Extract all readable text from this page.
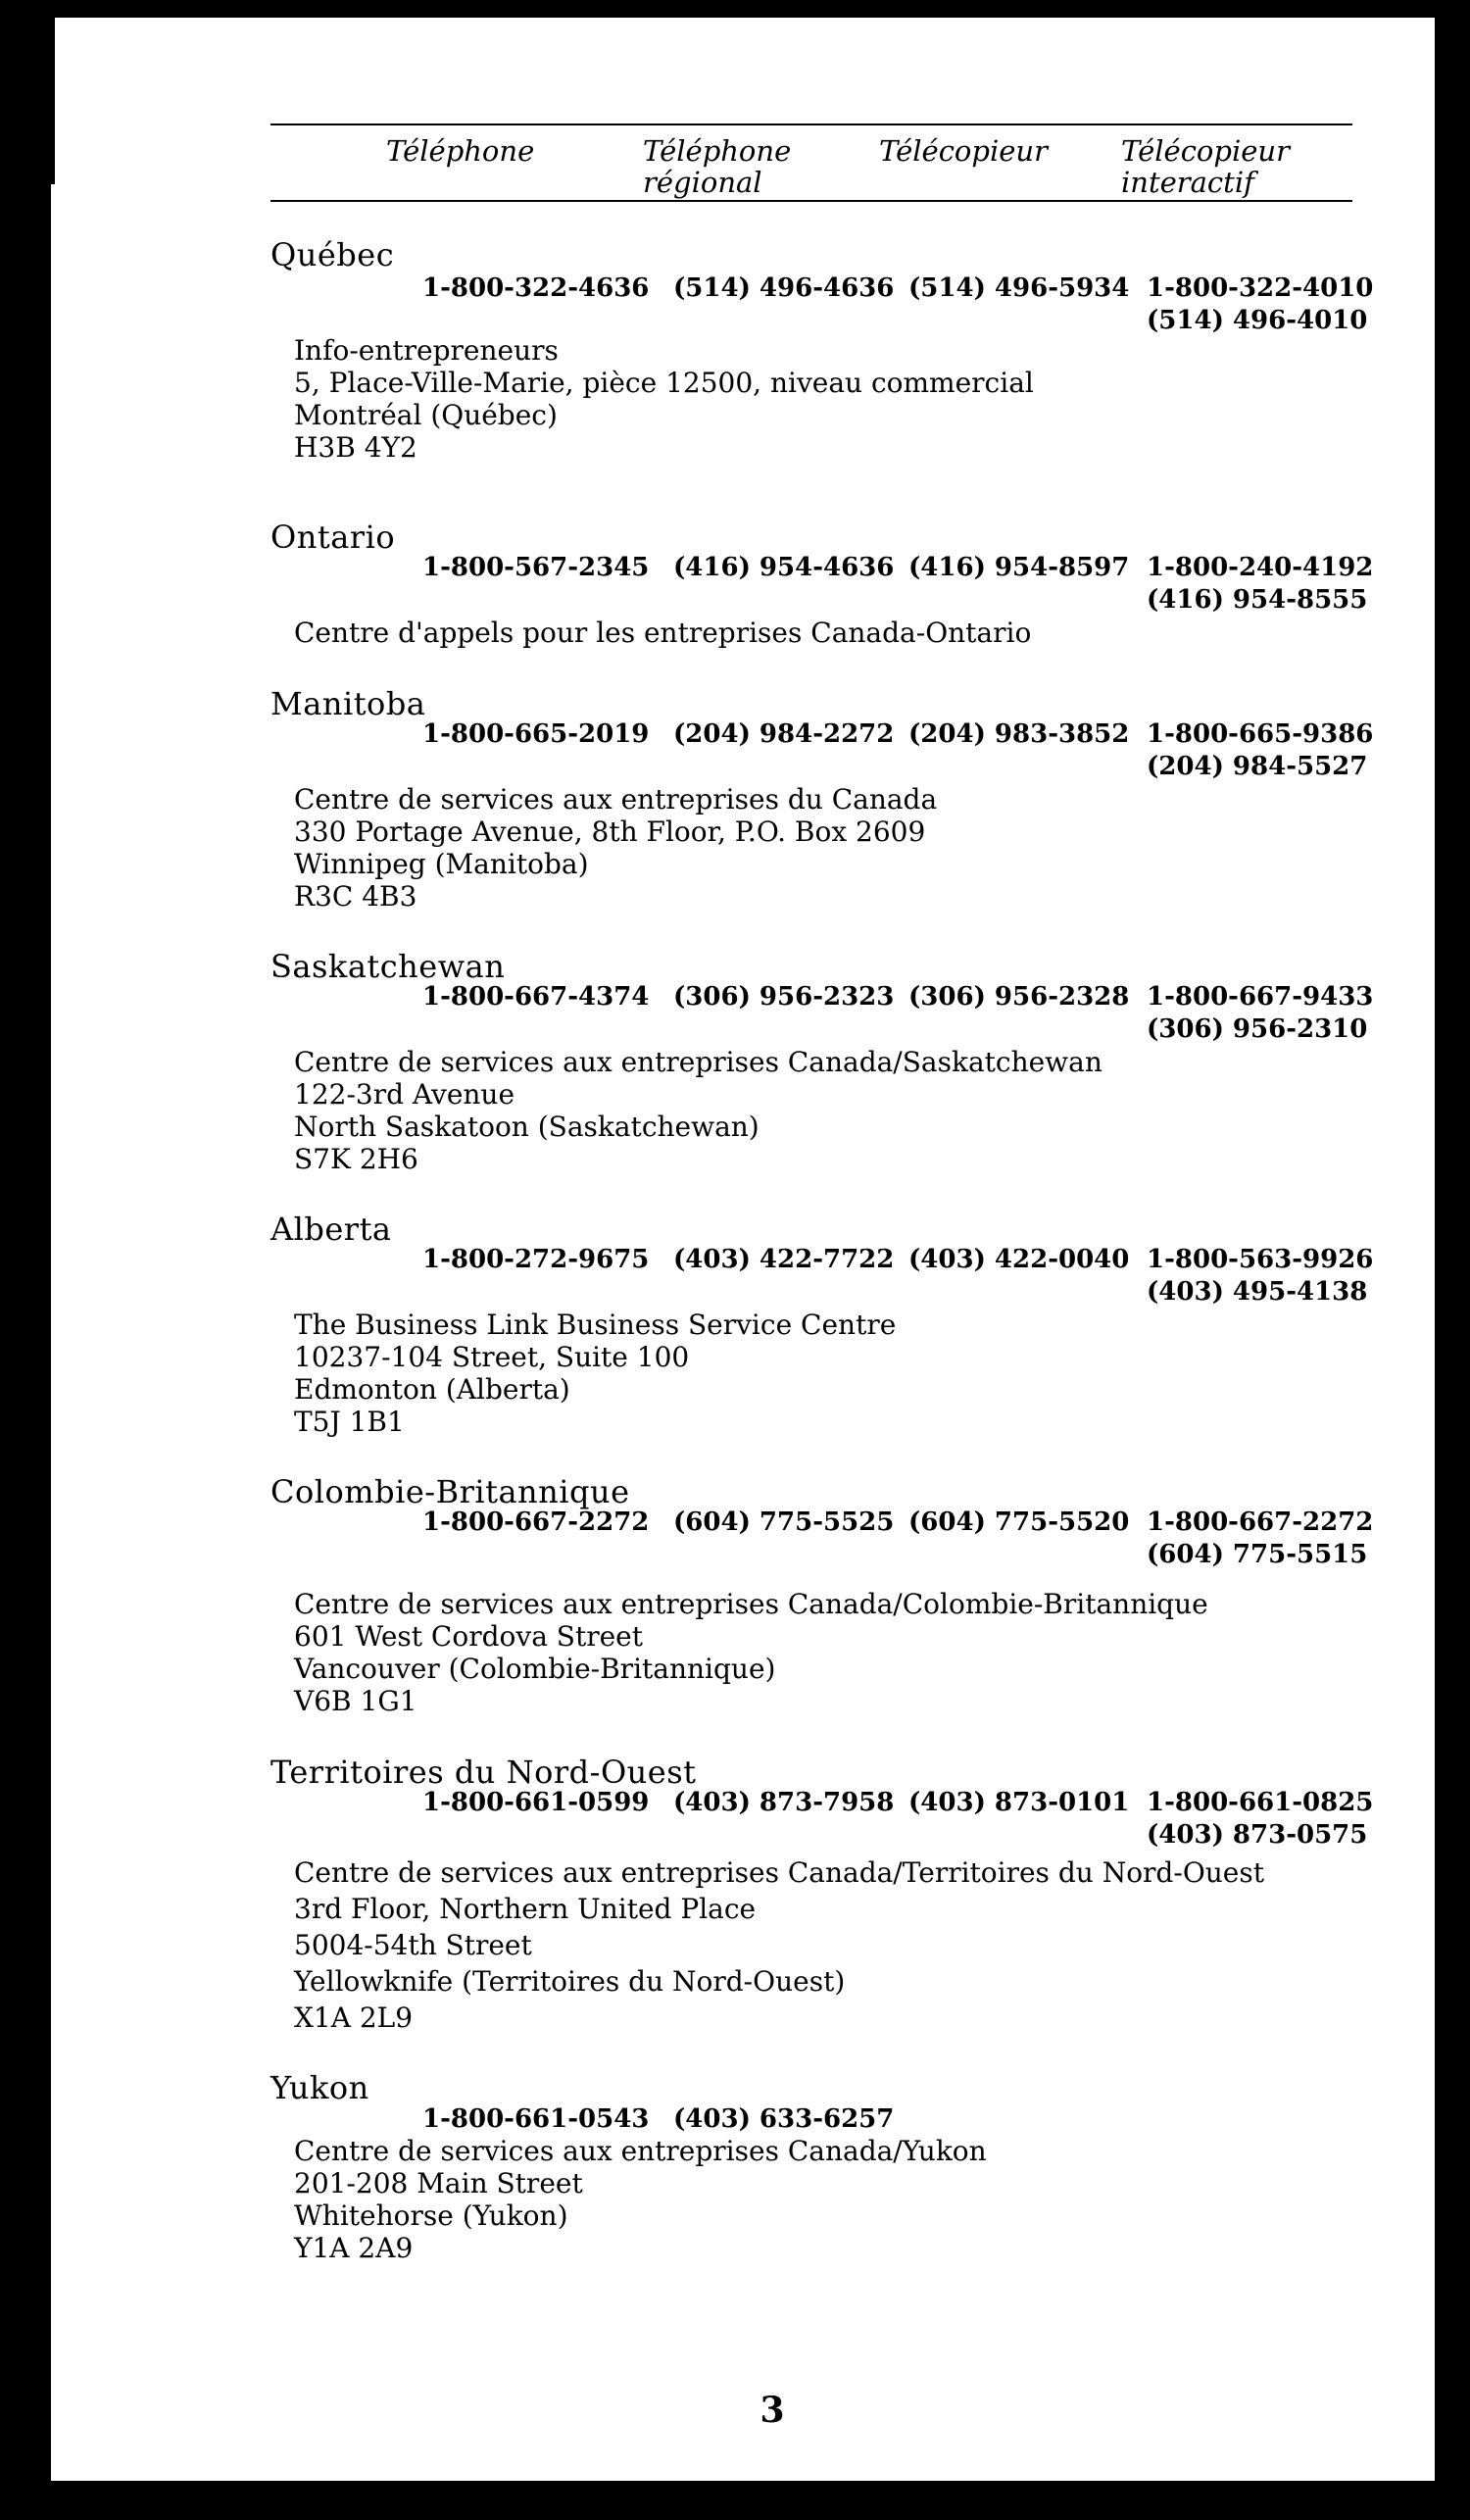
Téléphone	Téléphone
régional
Télécopieur	Télécopieur
interactif
Québec
1-800-322-4636 (514) 496-4636 (514) 496-5934 1-800-322-4010
(514) 496-4010
Info-entrepreneurs
5, Place-Ville-Marie, pièce 12500, niveau commercial
Montréal (Québec)
H3B 4Y2
Ontario
1-800-567-2345 (416) 954-4636 (416) 954-8597 1-800-240-4192
(416) 954-8555
Centre d'appels pour les entreprises Canada-Ontario
Manitoba
1-800-665-2019 (204) 984-2272 (204) 983-3852 1-800-665-9386
(204) 984-5527
Centre de services aux entreprises du Canada
330 Portage Avenue, 8th Floor, P.O. Box 2609
Winnipeg (Manitoba)
R3C 4B3
Saskatchewan
1-800-667-4374 (306) 956-2323 (306) 956-2328 1-800-667-9433
(306) 956-2310
Centre de services aux entreprises Canada/Saskatchewan
122-3rd Avenue
North Saskatoon (Saskatchewan)
S7K 2H6
Alberta
1-800-272-9675 (403) 422-7722 (403) 422-0040 1-800-563-9926
(403) 495-4138
The Business Link Business Service Centre
10237-104 Street, Suite 100
Edmonton (Alberta)
T5J 1B1
Colombie-Britannique
1-800-667-2272 (604) 775-5525 (604) 775-5520 1-800-667-2272
(604) 775-5515
Centre de services aux entreprises Canada/Colombie-Britannique
601 West Cordova Street
Vancouver (Colombie-Britannique)
V6B 1G1
Territoires du Nord-Ouest
1-800-661-0599 (403) 873-7958 (403) 873-0101 1-800-661-0825
(403) 873-0575
Centre de services aux entreprises Canada/Territoires du Nord-Ouest
3rd Floor, Northern United Place
5004-54th Street
Yellowknife (Territoires du Nord-Ouest)
X1A 2L9
Yukon
1-800-661-0543 (403) 633-6257
Centre de services aux entreprises Canada/Yukon
201-208 Main Street
Whitehorse (Yukon)
Y1A 2A9
3
